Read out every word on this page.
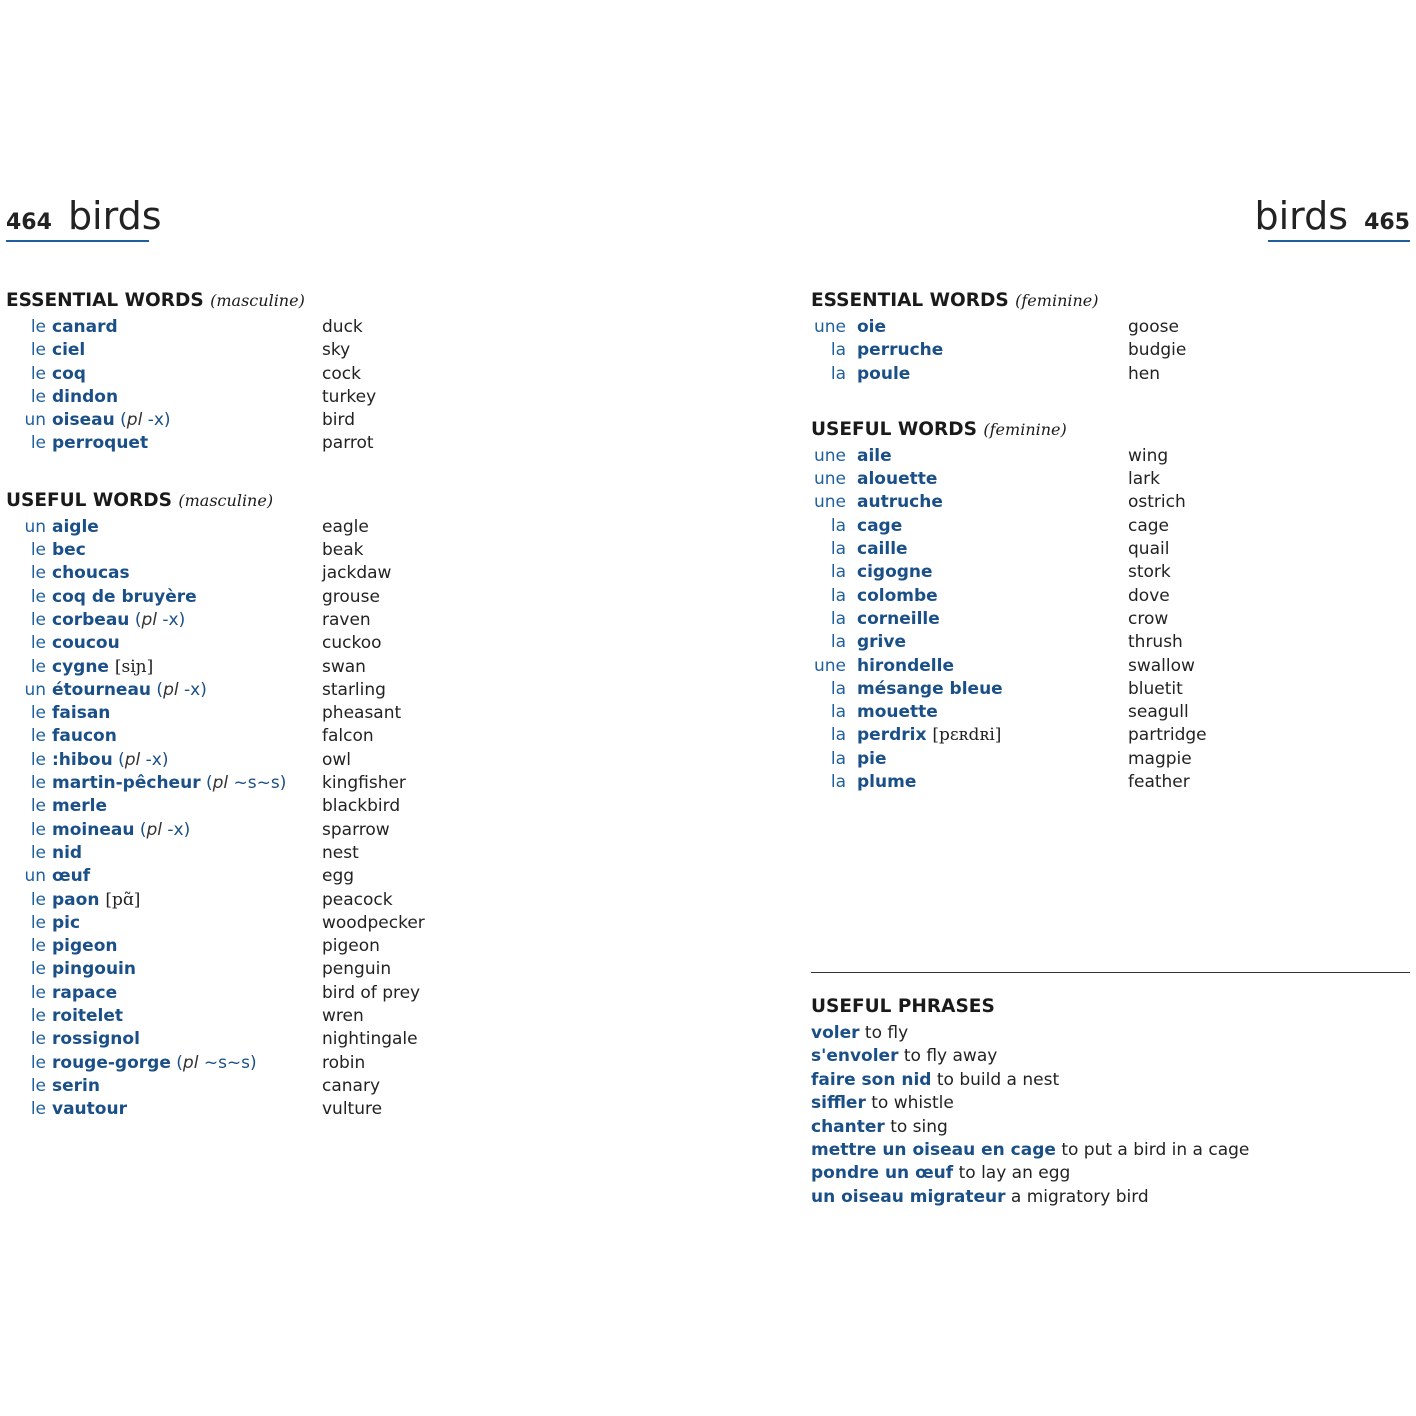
464 birds	birds 465
ESSENTIAL WORDS (masculine)
le canard	duck
le ciel	sky
le coq	cock
le dindon	turkey
un oiseau (pl -x)	bird
le perroquet	parrot
USEFUL WORDS (masculine)
un aigle	eagle
le bec	beak
le choucas	jackdaw
le coq de bruyère	grouse
le corbeau (pl -x)	raven
le coucou	cuckoo
le cygne [siɲ]	swan
un étourneau (pl -x)	starling
le faisan	pheasant
le faucon	falcon
le :hibou (pl -x)	owl
le martin-pêcheur (pl ~s~s) kingfisher
le merle	blackbird
le moineau (pl -x)	sparrow
le nid	nest
un œuf	egg
le paon [pɑ̃]	peacock
le pic	woodpecker
le pigeon	pigeon
le pingouin	penguin
le rapace	bird of prey
le roitelet	wren
le rossignol	nightingale
le rouge-gorge (pl ~s~s)	robin
le serin	canary
le vautour	vulture
ESSENTIAL WORDS (feminine)
une oie	goose
la perruche	budgie
la poule	hen
USEFUL WORDS (feminine)
une aile	wing
une alouette	lark
une autruche	ostrich
la cage	cage
la caille	quail
la cigogne	stork
la colombe	dove
la corneille	crow
la grive	thrush
une hirondelle	swallow
la mésange bleue	bluetit
la mouette	seagull
la perdrix [pɛʀdʀi]	partridge
la pie	magpie
la plume	feather
USEFUL PHRASES
voler to fly
s'envoler to fly away
faire son nid to build a nest
siffler to whistle
chanter to sing
mettre un oiseau en cage to put a bird in a cage
pondre un œuf to lay an egg
un oiseau migrateur a migratory bird
